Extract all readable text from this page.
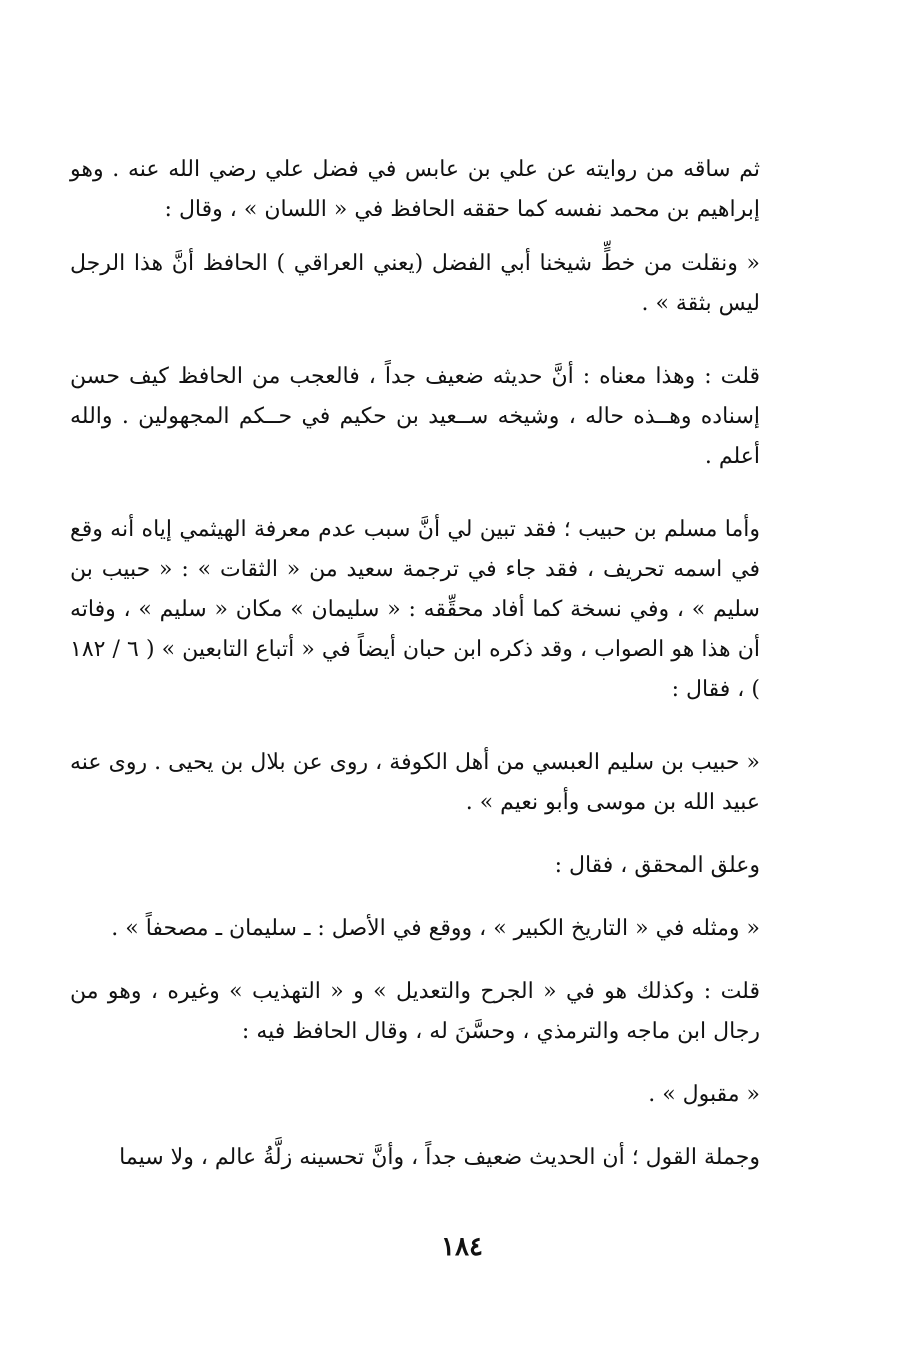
ثم ساقه من روايته عن علي بن عابس في فضل علي رضي الله عنه . وهو إبراهيم بن محمد نفسه كما حققه الحافظ في « اللسان » ، وقال :

« ونقلت من خطٍّ شيخنا أبي الفضل (يعني العراقي ) الحافظ أنَّ هذا الرجل ليس بثقة » .

قلت : وهذا معناه : أنَّ حديثه ضعيف جداً ، فالعجب من الحافظ كيف حسن إسناده وهــذه حاله ، وشيخه ســعيد بن حكيم في حــكم المجهولين . والله أعلم .

وأما مسلم بن حبيب ؛ فقد تبين لي أنَّ سبب عدم معرفة الهيثمي إياه أنه وقع في اسمه تحريف ، فقد جاء في ترجمة سعيد من « الثقات » : « حبيب بن سليم » ، وفي نسخة كما أفاد محقِّقه : « سليمان » مكان « سليم » ، وفاته أن هذا هو الصواب ، وقد ذكره ابن حبان أيضاً في « أتباع التابعين » ( ٦ / ١٨٢ ) ، فقال :

« حبيب بن سليم العبسي من أهل الكوفة ، روى عن بلال بن يحيى . روى عنه عبيد الله بن موسى وأبو نعيم » .

وعلق المحقق ، فقال :

« ومثله في « التاريخ الكبير » ، ووقع في الأصل : ـ سليمان ـ مصحفاً » .

قلت : وكذلك هو في « الجرح والتعديل » و « التهذيب » وغيره ، وهو من رجال ابن ماجه والترمذي ، وحسَّنَ له ، وقال الحافظ فيه :

« مقبول » .

وجملة القول ؛ أن الحديث ضعيف جداً ، وأنَّ تحسينه زلَّةُ عالم ، ولا سيما

١٨٤
